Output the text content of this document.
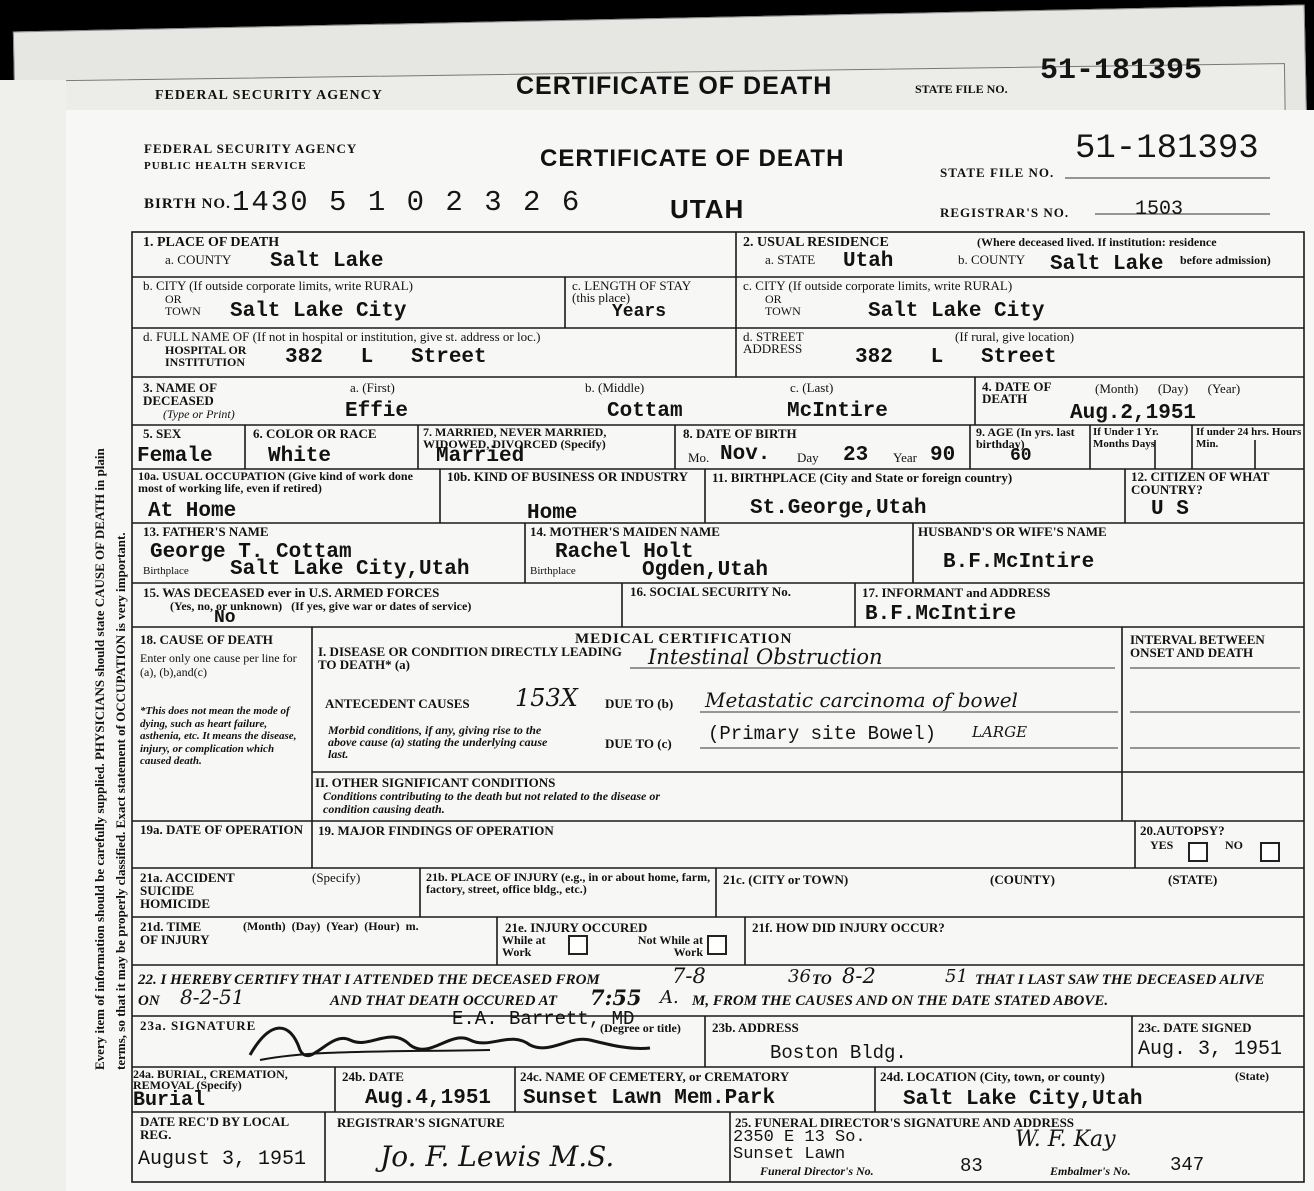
FEDERAL SECURITY AGENCY	CERTIFICATE OF DEATH	STATE FILE NO.
51-181395
Every item of information should be carefully supplied. PHYSICIANS should state CAUSE OF DEATH in plain terms, so that it may be properly classified. Exact statement of OCCUPATION is very important.
FEDERAL SECURITY AGENCY
PUBLIC HEALTH SERVICE	CERTIFICATE OF DEATH
STATE FILE NO.
51-181393
BIRTH NO. 1430 5 1 0 2 3 2 6	UTAH	REGISTRAR'S NO.	1503
1. PLACE OF DEATH
a. COUNTY Salt Lake
b. CITY (If outside corporate limits, write RURAL)
OR TOWN Salt Lake City
c. LENGTH OF STAY (this place)
Years
d. FULL NAME OF (If not in hospital or institution, give st. address or loc.)
HOSPITAL OR INSTITUTION	382   L   Street
2. USUAL RESIDENCE	(Where deceased lived. If institution: residence
before admission)
a. STATE Utah	b. COUNTY Salt Lake
c. CITY (If outside corporate limits, write RURAL)
OR TOWN	Salt Lake City
d. STREET ADDRESS
(If rural, give location)
382   L   Street
3. NAME OF DECEASED
(Type or Print)
a. (First)
Effie
b. (Middle)
Cottam
c. (Last)
McIntire
4. DATE OF DEATH
(Month)      (Day)      (Year)
Aug.2,1951
5. SEX
Female
6. COLOR OR RACE
White
7. MARRIED, NEVER MARRIED, WIDOWED, DIVORCED (Specify)
Married
8. DATE OF BIRTH
Mo. Nov. Day 23 Year 90
9. AGE (In yrs. last birthday)
60
If Under 1 Yr. Months Days
If under 24 hrs. Hours Min.
10a. USUAL OCCUPATION (Give kind of work done most of working life, even if retired)
At Home
10b. KIND OF BUSINESS OR INDUSTRY
Home
11. BIRTHPLACE (City and State or foreign country)
St.George,Utah
12. CITIZEN OF WHAT COUNTRY?
U S
13. FATHER'S NAME
George T. Cottam
Birthplace Salt Lake City,Utah
14. MOTHER'S MAIDEN NAME
Rachel Holt
Birthplace	Ogden,Utah
HUSBAND'S OR WIFE'S NAME
B.F.McIntire
15. WAS DECEASED ever in U.S. ARMED FORCES
(Yes, no, or unknown)   (If yes, give war or dates of service)
No
16. SOCIAL SECURITY No.	17. INFORMANT and ADDRESS
B.F.McIntire
MEDICAL CERTIFICATION
18. CAUSE OF DEATH
Enter only one cause per line for (a), (b),and(c)
*This does not mean the mode of dying, such as heart failure, asthenia, etc. It means the disease, injury, or complication which caused death.
I. DISEASE OR CONDITION DIRECTLY LEADING TO DEATH* (a)	Intestinal Obstruction
ANTECEDENT CAUSES 153X DUE TO (b) Metastatic carcinoma of bowel
Morbid conditions, if any, giving rise to the above cause (a) stating the underlying cause last.
DUE TO (c) (Primary site Bowel) LARGE
II. OTHER SIGNIFICANT CONDITIONS
Conditions contributing to the death but not related to the disease or condition causing death.
INTERVAL BETWEEN ONSET AND DEATH
19a. DATE OF OPERATION 19. MAJOR FINDINGS OF OPERATION	20.AUTOPSY?
YES	NO
21a. ACCIDENT SUICIDE HOMICIDE
(Specify)	21b. PLACE OF INJURY (e.g., in or about home, farm, factory, street, office bldg., etc.)
21c. (CITY or TOWN)	(COUNTY)	(STATE)
21d. TIME OF INJURY
(Month)  (Day)  (Year)  (Hour)  m.	21e. INJURY OCCURED
While at Work
Not While at Work
21f. HOW DID INJURY OCCUR?
22. I HEREBY CERTIFY THAT I ATTENDED THE DECEASED FROM	7-8	36 TO 8-2	51 THAT I LAST SAW THE DECEASED ALIVE
ON 8-2-51	AND THAT DEATH OCCURED AT 7:55 A. M, FROM THE CAUSES AND ON THE DATE STATED ABOVE.
23a. SIGNATURE	E.A. Barrett, MD
(Degree or title) 23b. ADDRESS
Boston Bldg.
23c. DATE SIGNED
Aug. 3, 1951
24a. BURIAL, CREMATION, REMOVAL (Specify)
Burial
24b. DATE
Aug.4,1951
24c. NAME OF CEMETERY, or CREMATORY
Sunset Lawn Mem.Park
24d. LOCATION (City, town, or county)	(State)
Salt Lake City,Utah
DATE REC'D BY LOCAL REG.
August 3, 1951
REGISTRAR'S SIGNATURE
Jo. F. Lewis M.S.
25. FUNERAL DIRECTOR'S SIGNATURE AND ADDRESS
2350 E 13 So.
Sunset Lawn
W. F. Kay
Funeral Director's No.	83	Embalmer's No. 347
